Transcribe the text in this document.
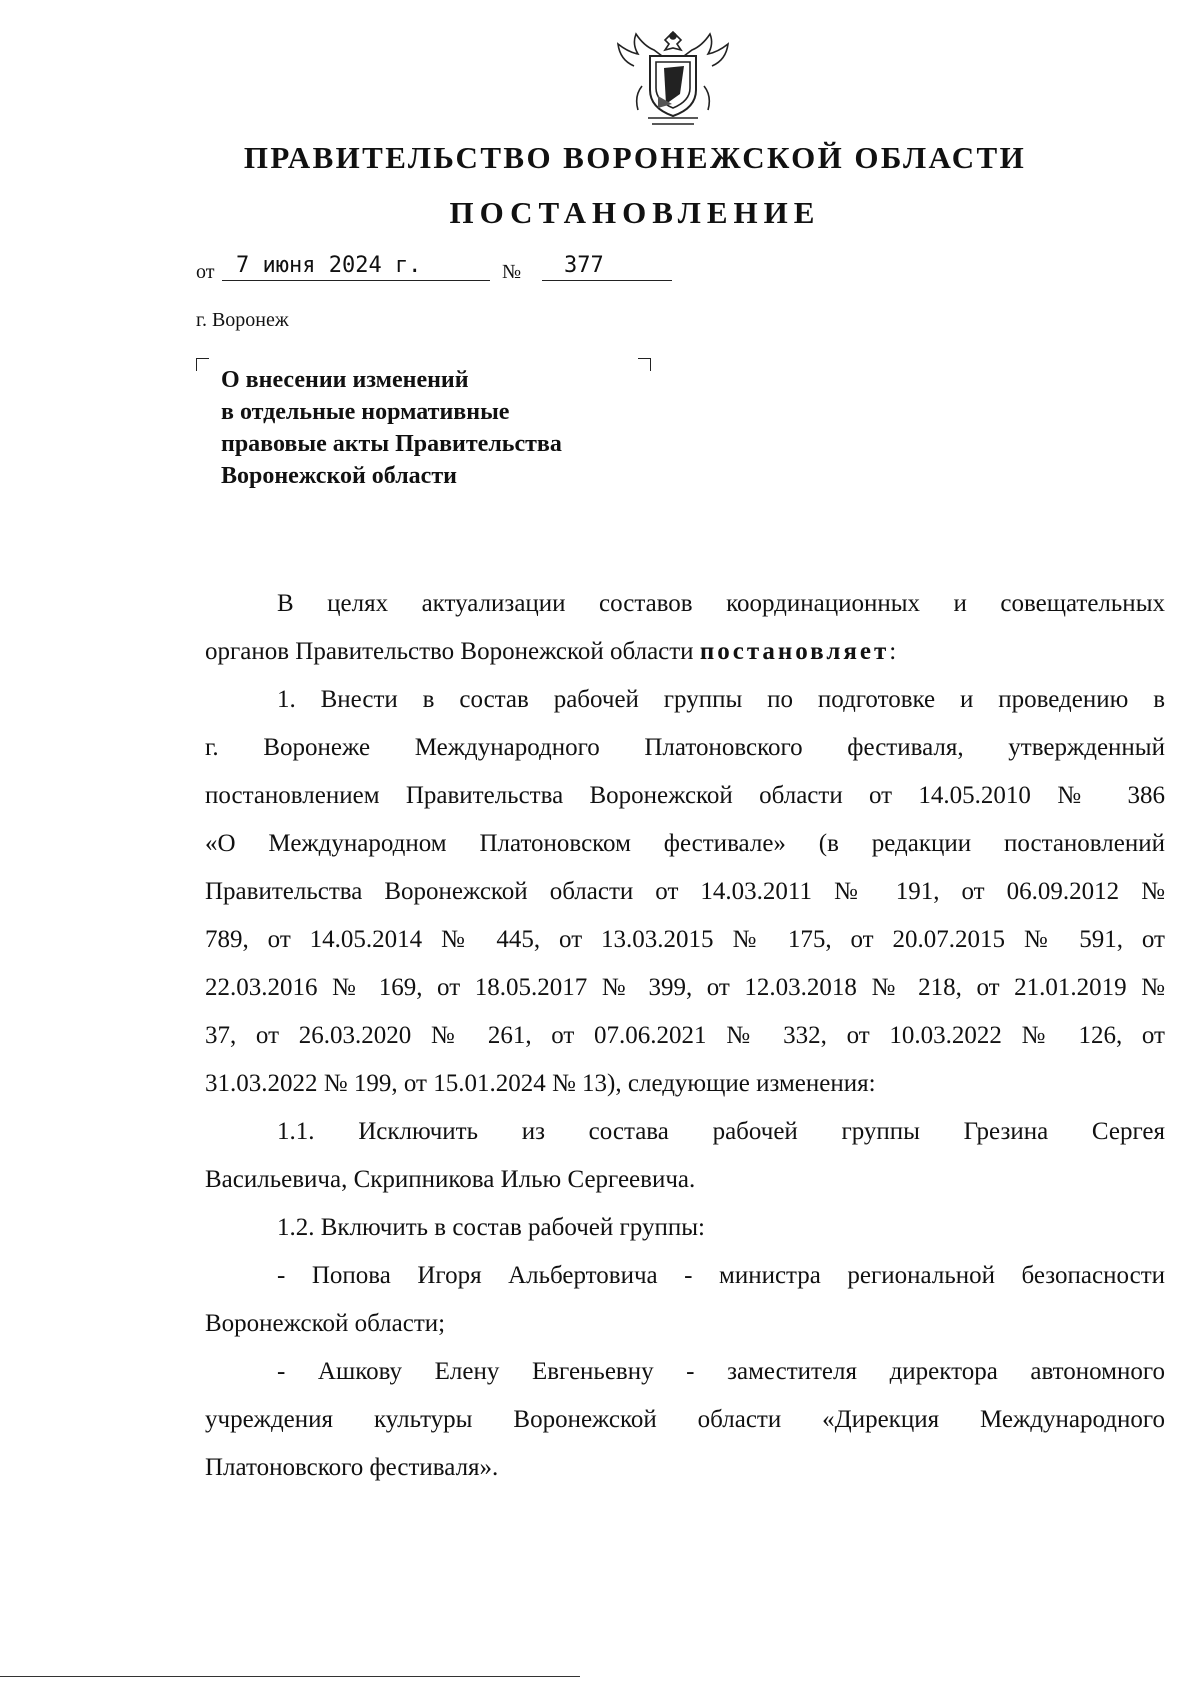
ПРАВИТЕЛЬСТВО ВОРОНЕЖСКОЙ ОБЛАСТИ
ПОСТАНОВЛЕНИЕ
от 7 июня 2024 г.	№	377
г. Воронеж
О внесении изменений
в отдельные нормативные
правовые акты Правительства
Воронежской области
В целях актуализации составов координационных и совещательных
органов Правительство Воронежской области постановляет:
1. Внести в состав рабочей группы по подготовке и проведению в
г. Воронеже Международного Платоновского фестиваля, утвержденный
постановлением Правительства Воронежской области от 14.05.2010 № 386
«О Международном Платоновском фестивале» (в редакции постановлений
Правительства Воронежской области от 14.03.2011 № 191, от 06.09.2012 №
789, от 14.05.2014 № 445, от 13.03.2015 № 175, от 20.07.2015 № 591, от
22.03.2016 № 169, от 18.05.2017 № 399, от 12.03.2018 № 218, от 21.01.2019 №
37, от 26.03.2020 № 261, от 07.06.2021 № 332, от 10.03.2022 № 126, от
31.03.2022 № 199, от 15.01.2024 № 13), следующие изменения:
1.1. Исключить из состава рабочей группы Грезина Сергея
Васильевича, Скрипникова Илью Сергеевича.
1.2. Включить в состав рабочей группы:
- Попова Игоря Альбертовича - министра региональной безопасности
Воронежской области;
- Ашкову Елену Евгеньевну - заместителя директора автономного
учреждения культуры Воронежской области «Дирекция Международного
Платоновского фестиваля».
